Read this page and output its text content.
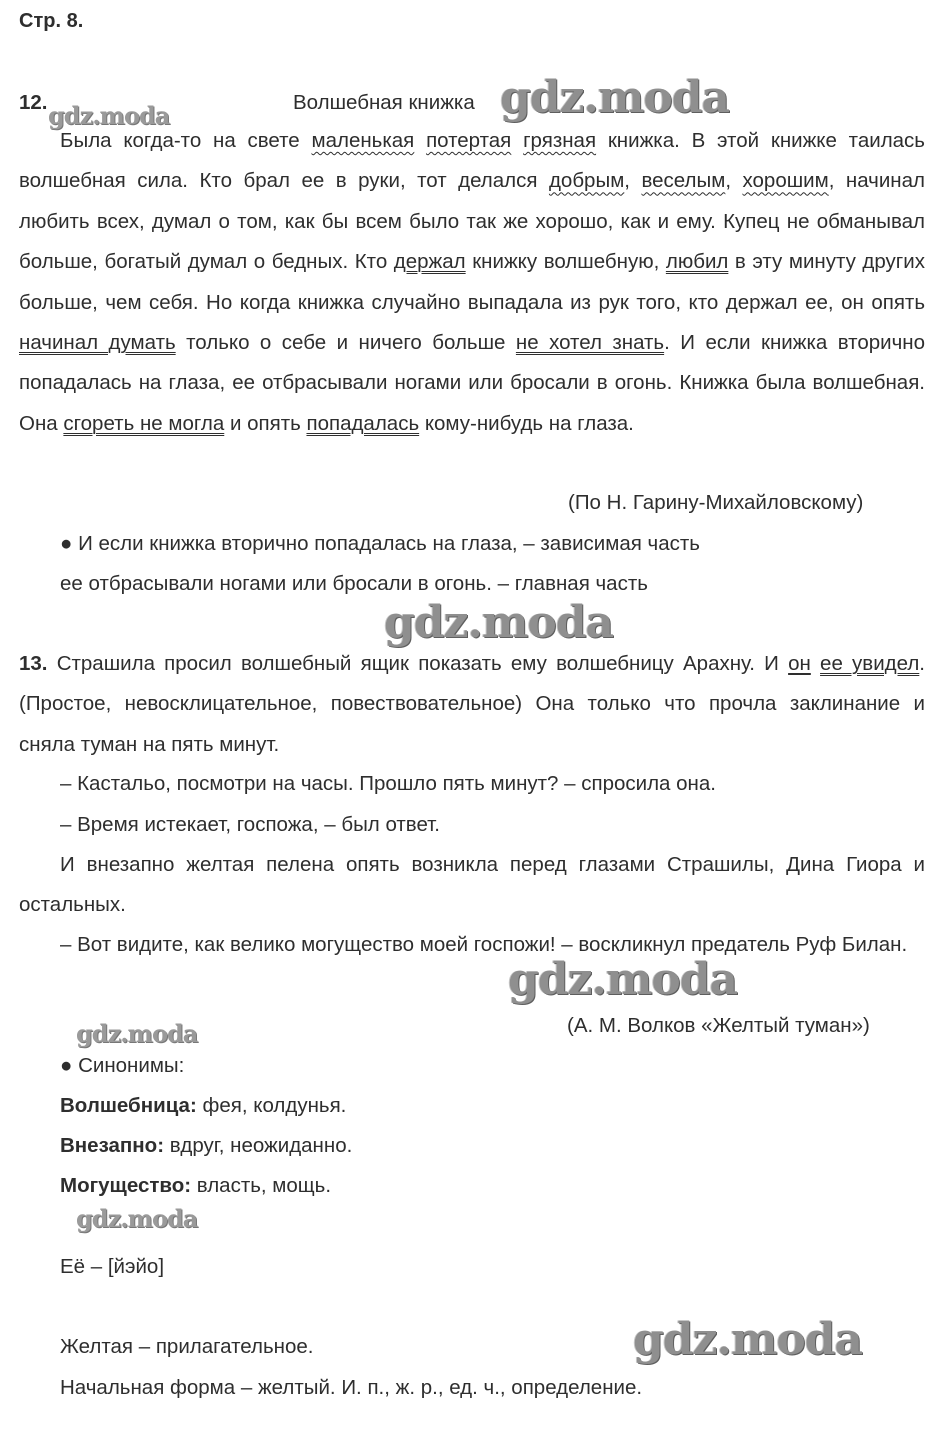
Стр. 8.
12.	Волшебная книжка

Была когда-то на свете маленькая потертая грязная книжка. В этой книжке таилась волшебная сила. Кто брал ее в руки, тот делался добрым, веселым, хорошим, начинал любить всех, думал о том, как бы всем было так же хорошо, как и ему. Купец не обманывал больше, богатый думал о бедных. Кто держал книжку волшебную, любил в эту минуту других больше, чем себя. Но когда книжка случайно выпадала из рук того, кто держал ее, он опять начинал думать только о себе и ничего больше не хотел знать. И если книжка вторично попадалась на глаза, ее отбрасывали ногами или бросали в огонь. Книжка была волшебная. Она сгореть не могла и опять попадалась кому-нибудь на глаза.

(По Н. Гарину-Михайловскому)
● И если книжка вторично попадалась на глаза, – зависимая часть
ее отбрасывали ногами или бросали в огонь. – главная часть

13. Страшила просил волшебный ящик показать ему волшебницу Арахну. И он ее увидел. (Простое, невосклицательное, повествовательное) Она только что прочла заклинание и сняла туман на пять минут.

– Кастальо, посмотри на часы. Прошло пять минут? – спросила она.
– Время истекает, госпожа, – был ответ.

И внезапно желтая пелена опять возникла перед глазами Страшилы, Дина Гиора и остальных.

– Вот видите, как велико могущество моей госпожи! – воскликнул предатель Руф Билан.

(А. М. Волков «Желтый туман»)
● Синонимы:
Волшебница: фея, колдунья.
Внезапно: вдруг, неожиданно.
Могущество: власть, мощь.
Её – [йэйо]
Желтая – прилагательное.
Начальная форма – желтый. И. п., ж. р., ед. ч., определение.
gdz.moda	gdz.moda
gdz.moda
gdz.moda
gdz.moda
gdz.moda
gdz.moda
